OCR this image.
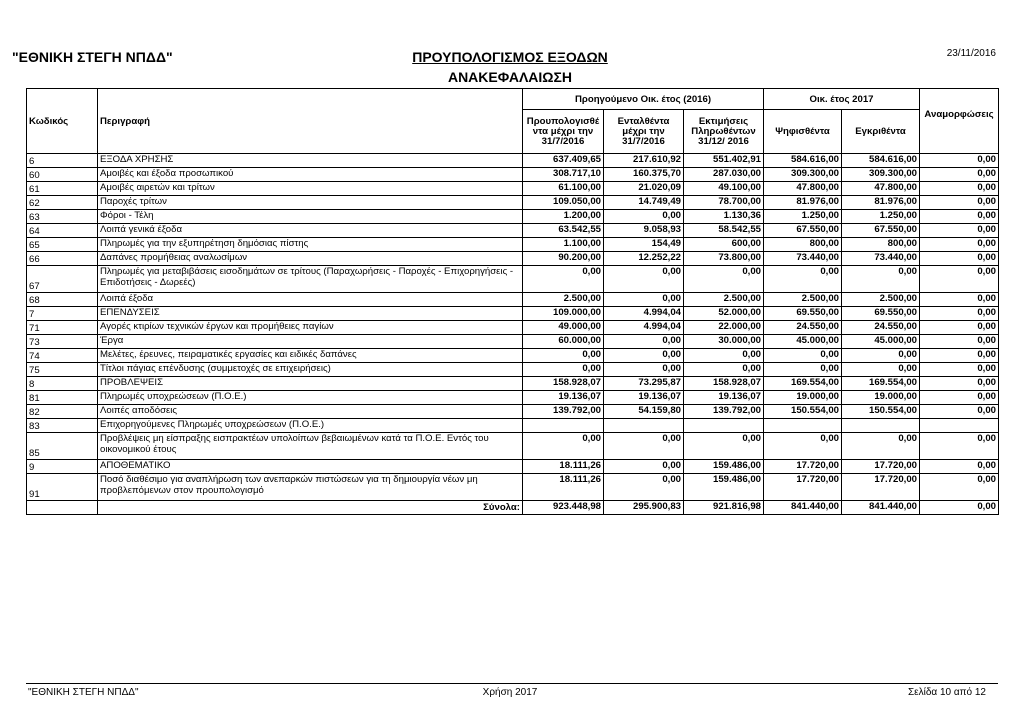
"ΕΘΝΙΚΗ ΣΤΕΓΗ ΝΠΔΔ"	ΠΡΟΥΠΟΛΟΓΙΣΜΟΣ ΕΞΟΔΩΝ
ΑΝΑΚΕΦΑΛΑΙΩΣΗ
23/11/2016
Κωδικός	Περιγραφή	Προηγούμενο Οικ. έτος (2016)			Οικ. έτος 2017		Αναμορφώσεις
		Προυπολογισθέ ντα μέχρι την 31/7/2016	Ενταλθέντα μέχρι την 31/7/2016	Εκτιμήσεις Πληρωθέντων 31/12/ 2016	Ψηφισθέντα	Εγκριθέντα	
6	ΕΞΟΔΑ ΧΡΗΣΗΣ	637.409,65	217.610,92	551.402,91	584.616,00	584.616,00	0,00
60	Αμοιβές και έξοδα προσωπικού	308.717,10	160.375,70	287.030,00	309.300,00	309.300,00	0,00
61	Αμοιβές αιρετών και τρίτων	61.100,00	21.020,09	49.100,00	47.800,00	47.800,00	0,00
62	Παροχές τρίτων	109.050,00	14.749,49	78.700,00	81.976,00	81.976,00	0,00
63	Φόροι - Τέλη	1.200,00	0,00	1.130,36	1.250,00	1.250,00	0,00
64	Λοιπά γενικά έξοδα	63.542,55	9.058,93	58.542,55	67.550,00	67.550,00	0,00
65	Πληρωμές για την εξυπηρέτηση δημόσιας πίστης	1.100,00	154,49	600,00	800,00	800,00	0,00
66	Δαπάνες προμήθειας αναλωσίμων	90.200,00	12.252,22	73.800,00	73.440,00	73.440,00	0,00
67	Πληρωμές για μεταβιβάσεις εισοδημάτων σε τρίτους (Παραχωρήσεις - Παροχές - Επιχορηγήσεις - Επιδοτήσεις - Δωρεές)	0,00	0,00	0,00	0,00	0,00	0,00
68	Λοιπά έξοδα	2.500,00	0,00	2.500,00	2.500,00	2.500,00	0,00
7	ΕΠΕΝΔΥΣΕΙΣ	109.000,00	4.994,04	52.000,00	69.550,00	69.550,00	0,00
71	Αγορές κτιρίων τεχνικών έργων και προμήθειες παγίων	49.000,00	4.994,04	22.000,00	24.550,00	24.550,00	0,00
73	Έργα	60.000,00	0,00	30.000,00	45.000,00	45.000,00	0,00
74	Μελέτες, έρευνες, πειραματικές εργασίες και ειδικές δαπάνες	0,00	0,00	0,00	0,00	0,00	0,00
75	Τίτλοι πάγιας επένδυσης (συμμετοχές σε επιχειρήσεις)	0,00	0,00	0,00	0,00	0,00	0,00
8	ΠΡΟΒΛΕΨΕΙΣ	158.928,07	73.295,87	158.928,07	169.554,00	169.554,00	0,00
81	Πληρωμές υποχρεώσεων (Π.Ο.Ε.)	19.136,07	19.136,07	19.136,07	19.000,00	19.000,00	0,00
82	Λοιπές αποδόσεις	139.792,00	54.159,80	139.792,00	150.554,00	150.554,00	0,00
83	Επιχορηγούμενες Πληρωμές υποχρεώσεων (Π.Ο.Ε.)						
85	Προβλέψεις μη είσπραξης εισπρακτέων υπολοίπων βεβαιωμένων κατά τα Π.Ο.Ε. Εντός του οικονομικού έτους	0,00	0,00	0,00	0,00	0,00	0,00
9	ΑΠΟΘΕΜΑΤΙΚΟ	18.111,26	0,00	159.486,00	17.720,00	17.720,00	0,00
91	Ποσό διαθέσιμο για αναπλήρωση των ανεπαρκών πιστώσεων για τη δημιουργία νέων μη προβλεπόμενων στον προυπολογισμό	18.111,26	0,00	159.486,00	17.720,00	17.720,00	0,00
	Σύνολα:	923.448,98	295.900,83	921.816,98	841.440,00	841.440,00	0,00
"ΕΘΝΙΚΗ ΣΤΕΓΗ ΝΠΔΔ"	Χρήση 2017	Σελίδα 10 από 12
